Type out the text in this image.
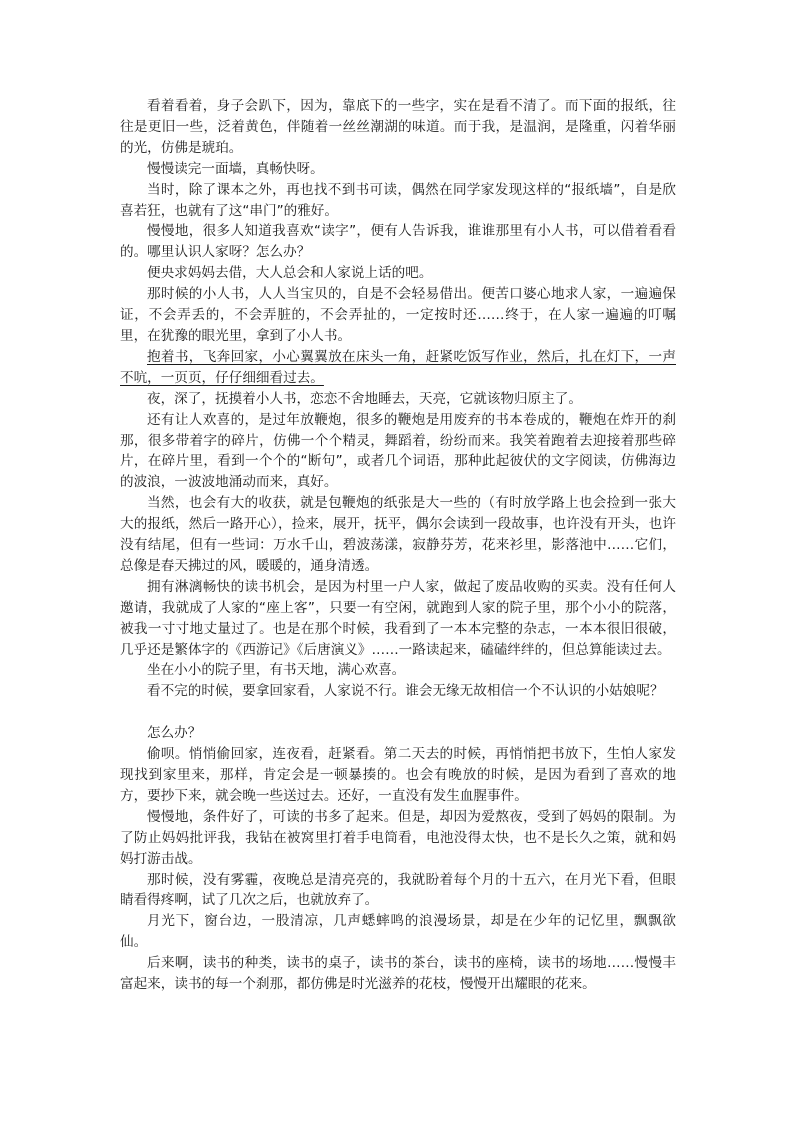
看着看着，身子会趴下，因为，靠底下的一些字，实在是看不清了。而下面的报纸，往往是更旧一些，泛着黄色，伴随着一丝丝潮湖的味道。而于我，是温润，是隆重，闪着华丽的光，仿佛是琥珀。

慢慢读完一面墙，真畅快呀。

当时，除了课本之外，再也找不到书可读，偶然在同学家发现这样的“报纸墙”，自是欣喜若狂，也就有了这“串门”的雅好。

慢慢地，很多人知道我喜欢“读字”，便有人告诉我，谁谁那里有小人书，可以借着看看的。哪里认识人家呀？怎么办？

便央求妈妈去借，大人总会和人家说上话的吧。

那时候的小人书，人人当宝贝的，自是不会轻易借出。便苦口婆心地求人家，一遍遍保证，不会弄丢的，不会弄脏的，不会弄扯的，一定按时还……终于，在人家一遍遍的叮嘱里，在犹豫的眼光里，拿到了小人书。

抱着书，飞奔回家，小心翼翼放在床头一角，赶紧吃饭写作业，然后，扎在灯下，一声不吭，一页页，仔仔细细看过去。

夜，深了，抚摸着小人书，恋恋不舍地睡去，天亮，它就该物归原主了。

还有让人欢喜的，是过年放鞭炮，很多的鞭炮是用废弃的书本卷成的，鞭炮在炸开的刹那，很多带着字的碎片，仿佛一个个精灵，舞蹈着，纷纷而来。我笑着跑着去迎接着那些碎片，在碎片里，看到一个个的“断句”，或者几个词语，那种此起彼伏的文字阅读，仿佛海边的波浪，一波波地涌动而来，真好。

当然，也会有大的收获，就是包鞭炮的纸张是大一些的（有时放学路上也会捡到一张大大的报纸，然后一路开心），捡来，展开，抚平，偶尔会读到一段故事，也许没有开头，也许没有结尾，但有一些词：万水千山，碧波荡漾，寂静芬芳，花来衫里，影落池中……它们，总像是春天拂过的风，暖暖的，通身清透。

拥有淋漓畅快的读书机会，是因为村里一户人家，做起了废品收购的买卖。没有任何人邀请，我就成了人家的“座上客”，只要一有空闲，就跑到人家的院子里，那个小小的院落，被我一寸寸地丈量过了。也是在那个时候，我看到了一本本完整的杂志，一本本很旧很破，几乎还是繁体字的《西游记》《后唐演义》……一路读起来，磕磕绊绊的，但总算能读过去。

坐在小小的院子里，有书天地，满心欢喜。

看不完的时候，要拿回家看，人家说不行。谁会无缘无故相信一个不认识的小姑娘呢？

怎么办？

偷呗。悄悄偷回家，连夜看，赶紧看。第二天去的时候，再悄悄把书放下，生怕人家发现找到家里来，那样，肯定会是一顿暴揍的。也会有晚放的时候，是因为看到了喜欢的地方，要抄下来，就会晚一些送过去。还好，一直没有发生血腥事件。

慢慢地，条件好了，可读的书多了起来。但是，却因为爱熬夜，受到了妈妈的限制。为了防止妈妈批评我，我钻在被窝里打着手电筒看，电池没得太快，也不是长久之策，就和妈妈打游击战。

那时候，没有雾霾，夜晚总是清亮亮的，我就盼着每个月的十五六，在月光下看，但眼睛看得疼啊，试了几次之后，也就放弃了。

月光下，窗台边，一股清凉，几声蟋蟀鸣的浪漫场景，却是在少年的记忆里，飘飘欲仙。

后来啊，读书的种类，读书的桌子，读书的茶台，读书的座椅，读书的场地……慢慢丰富起来，读书的每一个刹那，都仿佛是时光滋养的花枝，慢慢开出耀眼的花来。
